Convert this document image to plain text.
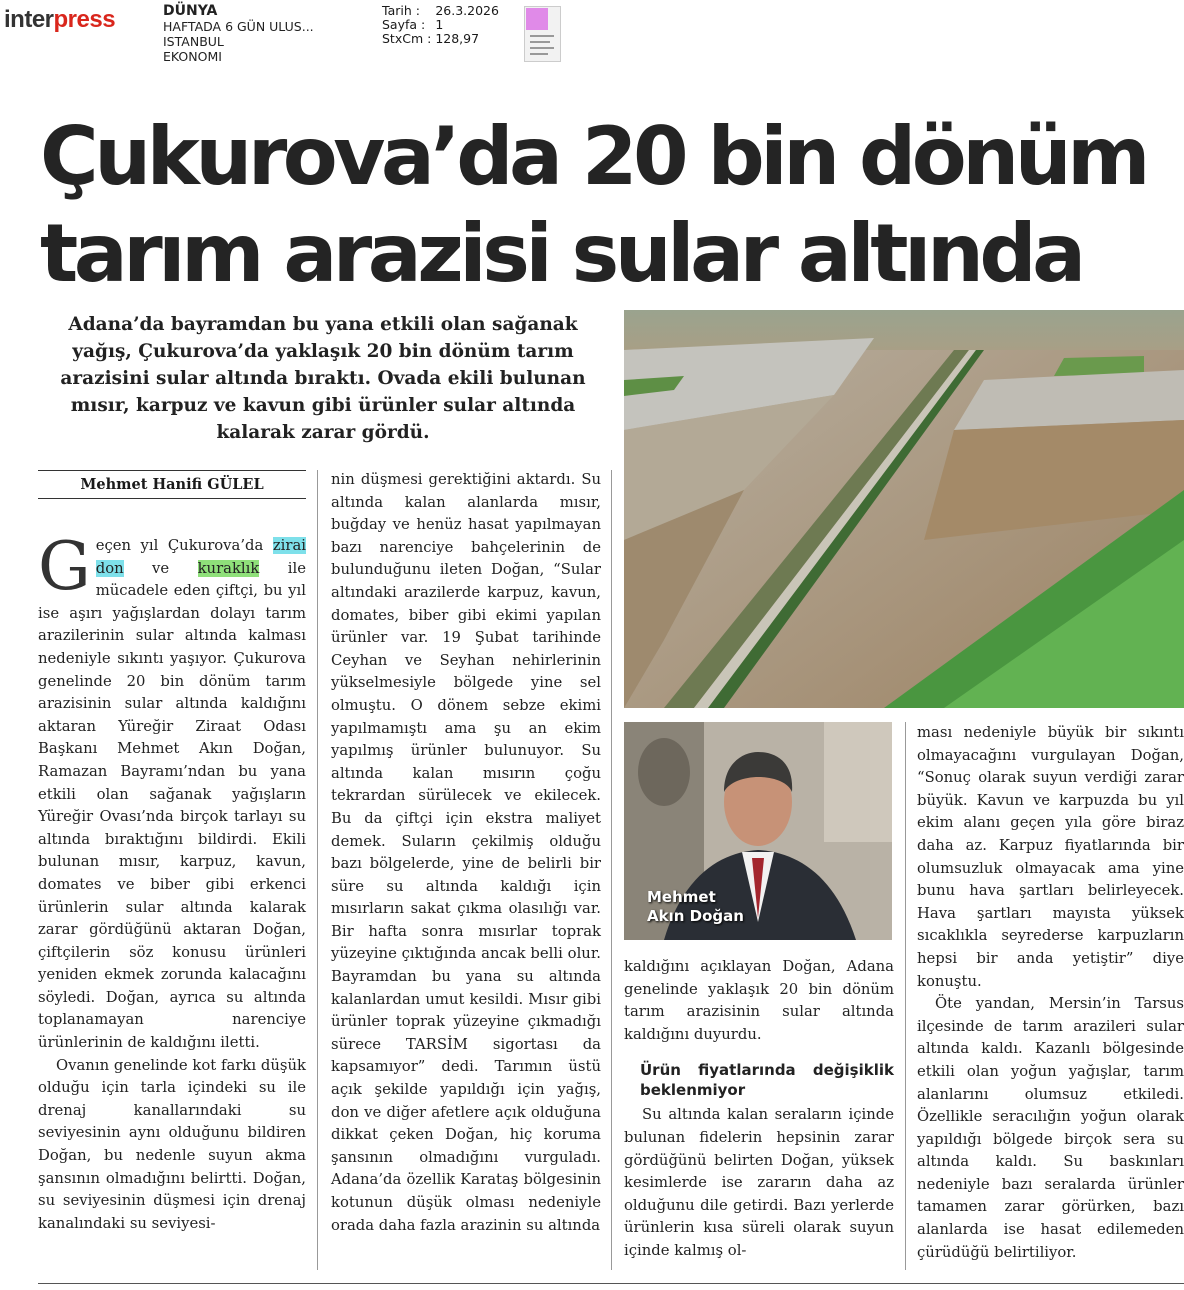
interpress	DÜNYA
HAFTADA 6 GÜN ULUS...
ISTANBUL
EKONOMI
Tarih :	26.3.2026
Sayfa :	1
StxCm :	128,97
Çukurova’da 20 bin dönüm
tarım arazisi sular altında
Adana’da bayramdan bu yana etkili olan sağanak yağış, Çukurova’da yaklaşık 20 bin dönüm tarım arazisini sular altında bıraktı. Ovada ekili bulunan mısır, karpuz ve kavun gibi ürünler sular altında kalarak zarar gördü.
Mehmet Hanifi GÜLEL

Geçen yıl Çukurova’da zirai don ve kuraklık ile mücadele eden çiftçi, bu yıl ise aşırı yağışlardan dolayı tarım arazilerinin sular altında kalması nedeniyle sıkıntı yaşıyor. Çukurova genelinde 20 bin dönüm tarım arazisinin sular altında kaldığını aktaran Yüreğir Ziraat Odası Başkanı Mehmet Akın Doğan, Ramazan Bayramı’ndan bu yana etkili olan sağanak yağışların Yüreğir Ovası’nda birçok tarlayı su altında bıraktığını bildirdi. Ekili bulunan mısır, karpuz, kavun, domates ve biber gibi erkenci ürünlerin sular altında kalarak zarar gördüğünü aktaran Doğan, çiftçilerin söz konusu ürünleri yeniden ekmek zorunda kalacağını söyledi. Doğan, ayrıca su altında toplanamayan narenciye ürünlerinin de kaldığını iletti.

Ovanın genelinde kot farkı düşük olduğu için tarla içindeki su ile drenaj kanallarındaki su seviyesinin aynı olduğunu bildiren Doğan, bu nedenle suyun akma şansının olmadığını belirtti. Doğan, su seviyesinin düşmesi için drenaj kanalındaki su seviyesi-

nin düşmesi gerektiğini aktardı. Su altında kalan alanlarda mısır, buğday ve henüz hasat yapılmayan bazı narenciye bahçelerinin de bulunduğunu ileten Doğan, “Sular altındaki arazilerde karpuz, kavun, domates, biber gibi ekimi yapılan ürünler var. 19 Şubat tarihinde Ceyhan ve Seyhan nehirlerinin yükselmesiyle bölgede yine sel olmuştu. O dönem sebze ekimi yapılmamıştı ama şu an ekim yapılmış ürünler bulunuyor. Su altında kalan mısırın çoğu tekrardan sürülecek ve ekilecek. Bu da çiftçi için ekstra maliyet demek. Suların çekilmiş olduğu bazı bölgelerde, yine de belirli bir süre su altında kaldığı için mısırların sakat çıkma olasılığı var. Bir hafta sonra mısırlar toprak yüzeyine çıktığında ancak belli olur. Bayramdan bu yana su altında kalanlardan umut kesildi. Mısır gibi ürünler toprak yüzeyine çıkmadığı sürece TARSİM sigortası da kapsamıyor” dedi. Tarımın üstü açık şekilde yapıldığı için yağış, don ve diğer afetlere açık olduğuna dikkat çeken Doğan, hiç koruma şansının olmadığını vurguladı. Adana’da özellik Karataş bölgesinin kotunun düşük olması nedeniyle orada daha fazla arazinin su altında

Mehmet
Akın Doğan

kaldığını açıklayan Doğan, Adana genelinde yaklaşık 20 bin dönüm tarım arazisinin sular altında kaldığını duyurdu.

Ürün fiyatlarında değişiklik beklenmiyor

Su altında kalan seraların içinde bulunan fidelerin hepsinin zarar gördüğünü belirten Doğan, yüksek kesimlerde ise zararın daha az olduğunu dile getirdi. Bazı yerlerde ürünlerin kısa süreli olarak suyun içinde kalmış ol-

ması nedeniyle büyük bir sıkıntı olmayacağını vurgulayan Doğan, “Sonuç olarak suyun verdiği zarar büyük. Kavun ve karpuzda bu yıl ekim alanı geçen yıla göre biraz daha az. Karpuz fiyatlarında bir olumsuzluk olmayacak ama yine bunu hava şartları belirleyecek. Hava şartları mayısta yüksek sıcaklıkla seyrederse karpuzların hepsi bir anda yetiştir” diye konuştu.

Öte yandan, Mersin’in Tarsus ilçesinde de tarım arazileri sular altında kaldı. Kazanlı bölgesinde etkili olan yoğun yağışlar, tarım alanlarını olumsuz etkiledi. Özellikle seracılığın yoğun olarak yapıldığı bölgede birçok sera su altında kaldı. Su baskınları nedeniyle bazı seralarda ürünler tamamen zarar görürken, bazı alanlarda ise hasat edilemeden çürüdüğü belirtiliyor.
